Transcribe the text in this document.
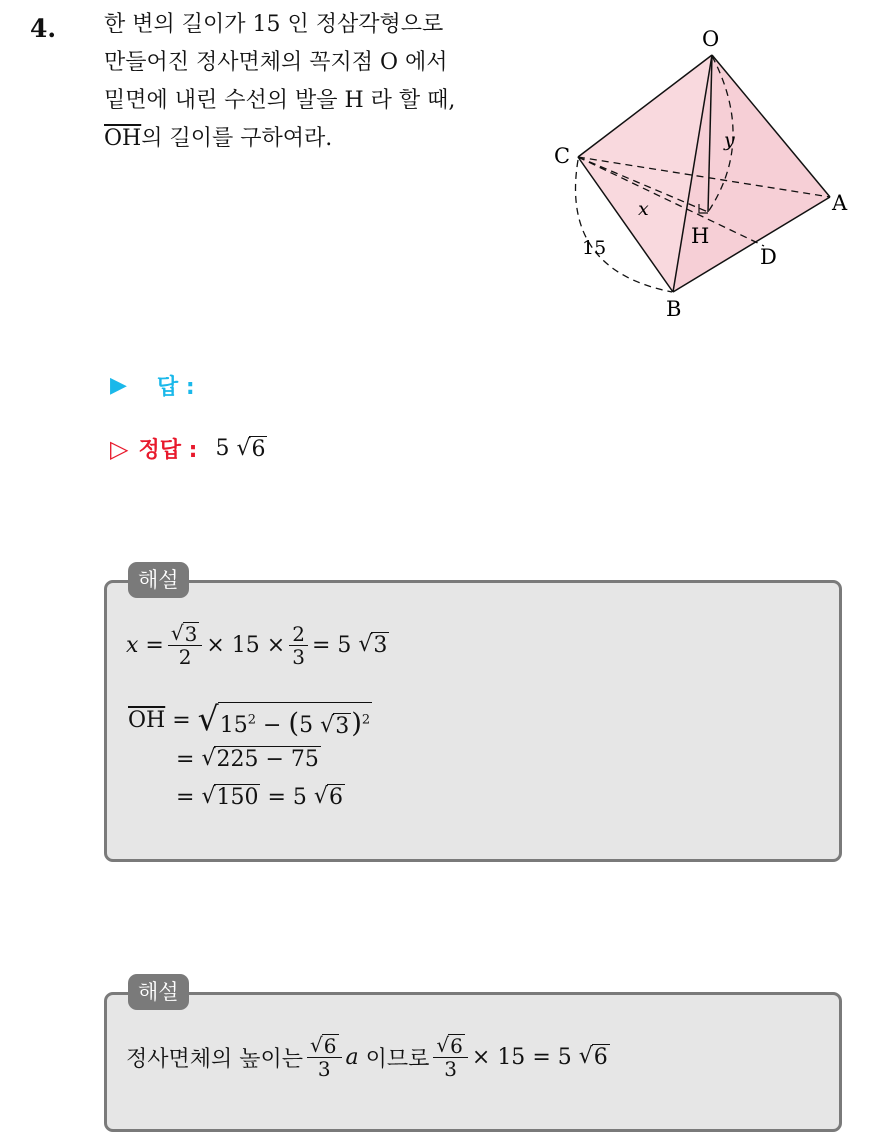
4. 한 변의 길이가 15 인 정삼각형으로
만들어진 정사면체의 꼭지점 O 에서
밑면에 내린 수선의 발을 H 라 할 때,
$\overline{OH}$의 길이를 구하여라.
O
C
A
B
D
H
x
y
15
▶ 답 :
▷ 정답 : 5
√ 6
해설
x
= $\frac{√ 3}{2}$ ×
15
× $\frac{2}{3}$ =
5
√ 3
$\overline{OH}$
=
√ $15^2 - (5$ √ 3 )$^2$
=
√ 225 − 75
=
√ 150
=
5
√ 6
해설
정사면체의 높이는 $\frac{√ 6}{3}$ a
이므로 $\frac{√ 6}{3}$ ×
15
=
5
√ 6
